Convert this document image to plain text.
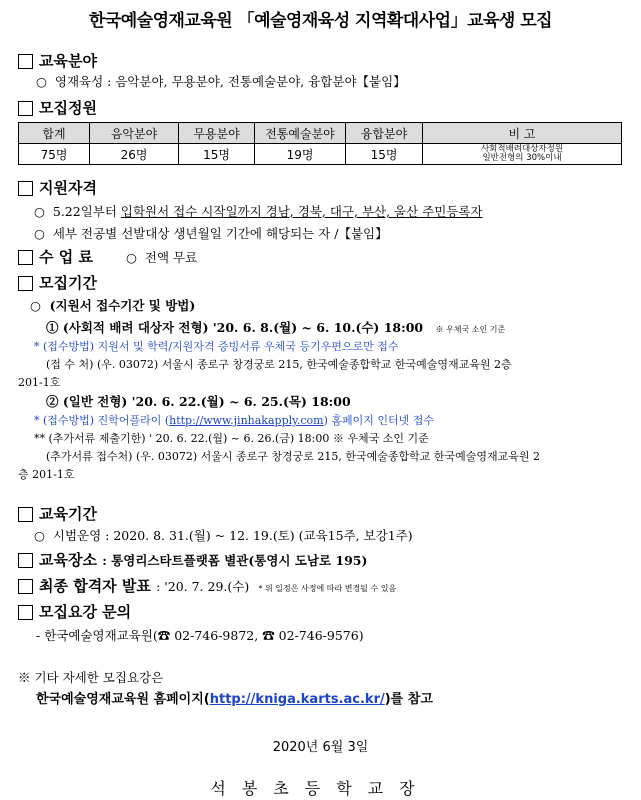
한국예술영재교육원 「예술영재육성 지역확대사업」교육생 모집
교육분야
○ 영재육성 : 음악분야, 무용분야, 전통예술분야, 융합분야【붙임】
모집정원
합계	음악분야	무용분야	전통예술분야	융합분야	비 고
75명	26명	15명	19명	15명	사회적배려대상자정원
일반전형의 30%이내
지원자격
○ 5.22일부터 입학원서 접수 시작일까지 경남, 경북, 대구, 부산, 울산 주민등록자
○ 세부 전공별 선발대상 생년월일 기간에 해당되는 자 /【붙임】
수 업 료	○ 전액 무료
모집기간
○ (지원서 접수기간 및 방법)
① (사회적 배려 대상자 전형) '20. 6. 8.(월) ~ 6. 10.(수) 18:00 ※ 우체국 소인 기준
* (접수방법) 지원서 및 학력/지원자격 증빙서류 우체국 등기우편으로만 접수
(접 수 처) (우. 03072) 서울시 종로구 창경궁로 215, 한국예술종합학교 한국예술영재교육원 2층
201-1호
② (일반 전형) '20. 6. 22.(월) ~ 6. 25.(목) 18:00
* (접수방법) 진학어플라이 (http://www.jinhakapply.com) 홈페이지 인터넷 접수
** (추가서류 제출기한) ' 20. 6. 22.(월) ~ 6. 26.(금) 18:00 ※ 우체국 소인 기준
(추가서류 접수처) (우. 03072) 서울시 종로구 창경궁로 215, 한국예술종합학교 한국예술영재교육원 2
층 201-1호
교육기간
○ 시범운영 : 2020. 8. 31.(월) ~ 12. 19.(토) (교육15주, 보강1주)
교육장소 : 통영리스타트플랫폼 별관(통영시 도남로 195)
최종 합격자 발표 : '20. 7. 29.(수) * 위 일정은 사정에 따라 변경될 수 있음
모집요강 문의
- 한국예술영재교육원(☎ 02-746-9872, ☎ 02-746-9576)
※ 기타 자세한 모집요강은
한국예술영재교육원 홈페이지(http://kniga.karts.ac.kr/)를 참고
2020년 6월 3일
석봉초등학교장
